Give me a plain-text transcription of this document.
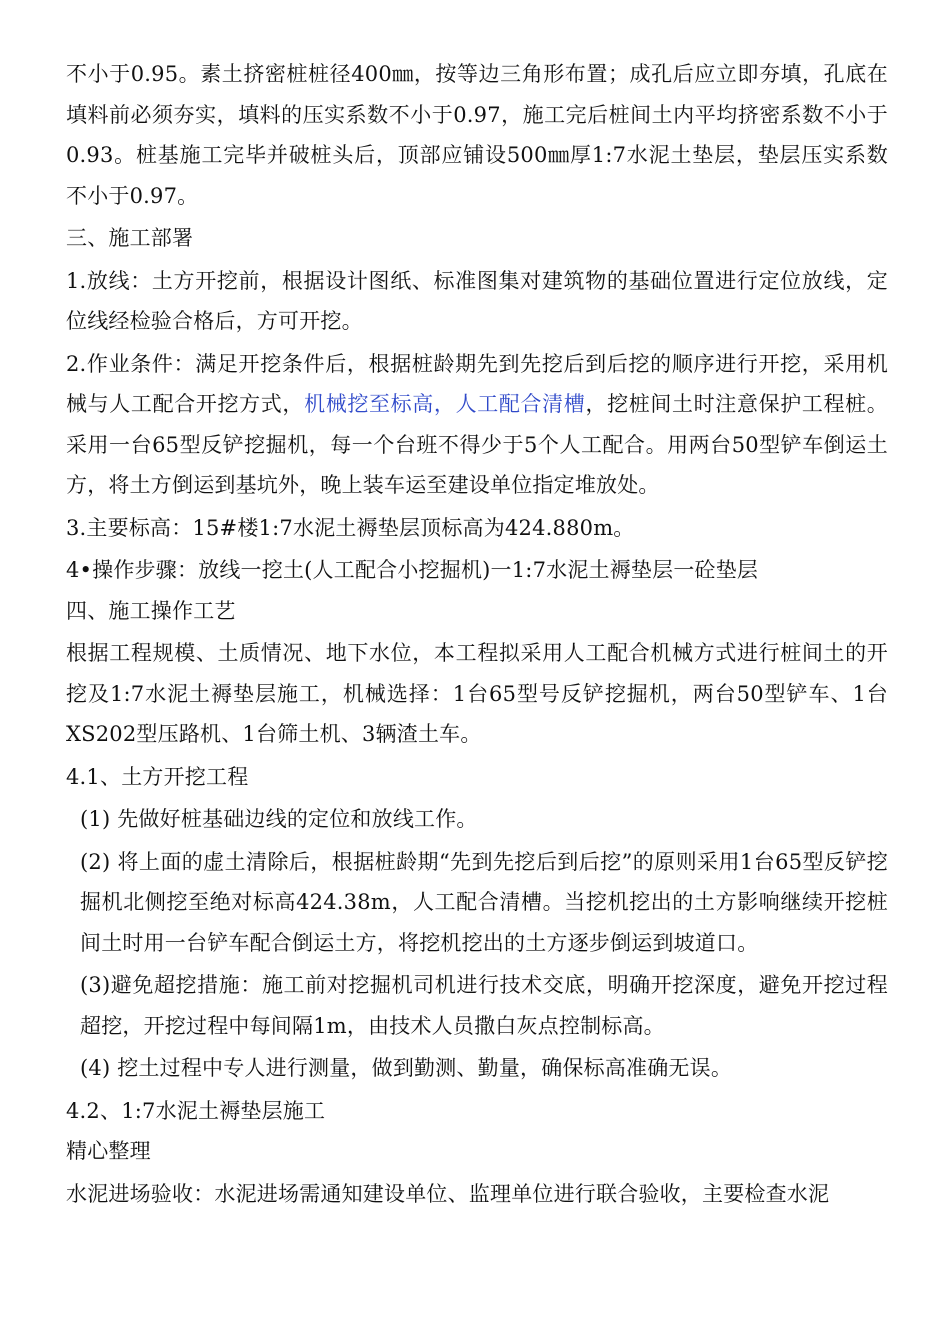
不小于0.95。素土挤密桩桩径400㎜，按等边三角形布置；成孔后应立即夯填，孔底在填料前必须夯实，填料的压实系数不小于0.97，施工完后桩间土内平均挤密系数不小于0.93。桩基施工完毕并破桩头后，顶部应铺设500㎜厚1:7水泥土垫层，垫层压实系数不小于0.97。

三、施工部署

1.放线：土方开挖前，根据设计图纸、标准图集对建筑物的基础位置进行定位放线，定位线经检验合格后，方可开挖。

2.作业条件：满足开挖条件后，根据桩龄期先到先挖后到后挖的顺序进行开挖，采用机械与人工配合开挖方式，机械挖至标高，人工配合清槽，挖桩间土时注意保护工程桩。采用一台65型反铲挖掘机，每一个台班不得少于5个人工配合。用两台50型铲车倒运土方，将土方倒运到基坑外，晚上装车运至建设单位指定堆放处。

3.主要标高：15#楼1:7水泥土褥垫层顶标高为424.880m。

4•操作步骤：放线一挖土(人工配合小挖掘机)一1:7水泥土褥垫层一砼垫层

四、施工操作工艺

根据工程规模、土质情况、地下水位，本工程拟采用人工配合机械方式进行桩间土的开挖及1:7水泥土褥垫层施工，机械选择：1台65型号反铲挖掘机，两台50型铲车、1台XS202型压路机、1台筛土机、3辆渣土车。

4.1、土方开挖工程

(1) 先做好桩基础边线的定位和放线工作。

(2) 将上面的虚土清除后，根据桩龄期“先到先挖后到后挖”的原则采用1台65型反铲挖掘机北侧挖至绝对标高424.38m，人工配合清槽。当挖机挖出的土方影响继续开挖桩间土时用一台铲车配合倒运土方，将挖机挖出的土方逐步倒运到坡道口。

(3)避免超挖措施：施工前对挖掘机司机进行技术交底，明确开挖深度，避免开挖过程超挖，开挖过程中每间隔1m，由技术人员撒白灰点控制标高。

(4) 挖土过程中专人进行测量，做到勤测、勤量，确保标高准确无误。

4.2、1:7水泥土褥垫层施工

精心整理

水泥进场验收：水泥进场需通知建设单位、监理单位进行联合验收，主要检查水泥
